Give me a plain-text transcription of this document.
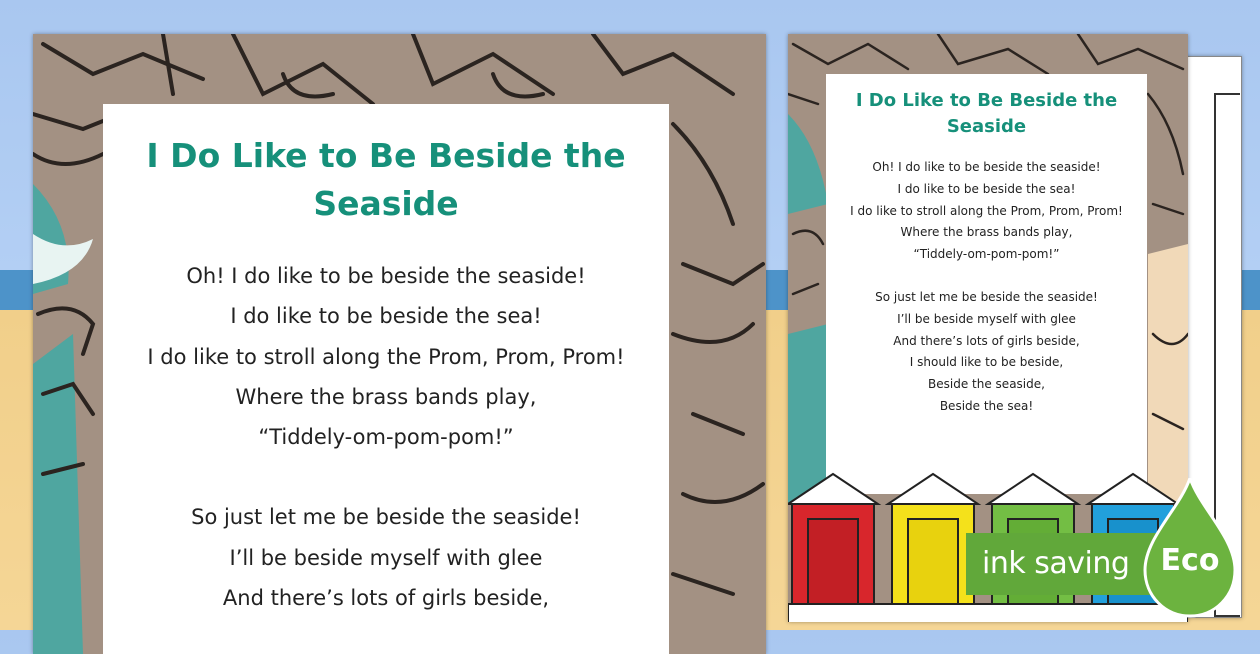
I Do Like to Be Beside the Seaside
Oh! I do like to be beside the seaside!
I do like to be beside the sea!
I do like to stroll along the Prom, Prom, Prom!
Where the brass bands play,
“Tiddely-om-pom-pom!”
So just let me be beside the seaside!
I’ll be beside myself with glee
And there’s lots of girls beside,
I Do Like to Be Beside the Seaside
Oh! I do like to be beside the seaside!
I do like to be beside the sea!
I do like to stroll along the Prom, Prom, Prom!
Where the brass bands play,
“Tiddely-om-pom-pom!”
So just let me be beside the seaside!
I’ll be beside myself with glee
And there’s lots of girls beside,
I should like to be beside,
Beside the seaside,
Beside the sea!
ink saving	Eco
